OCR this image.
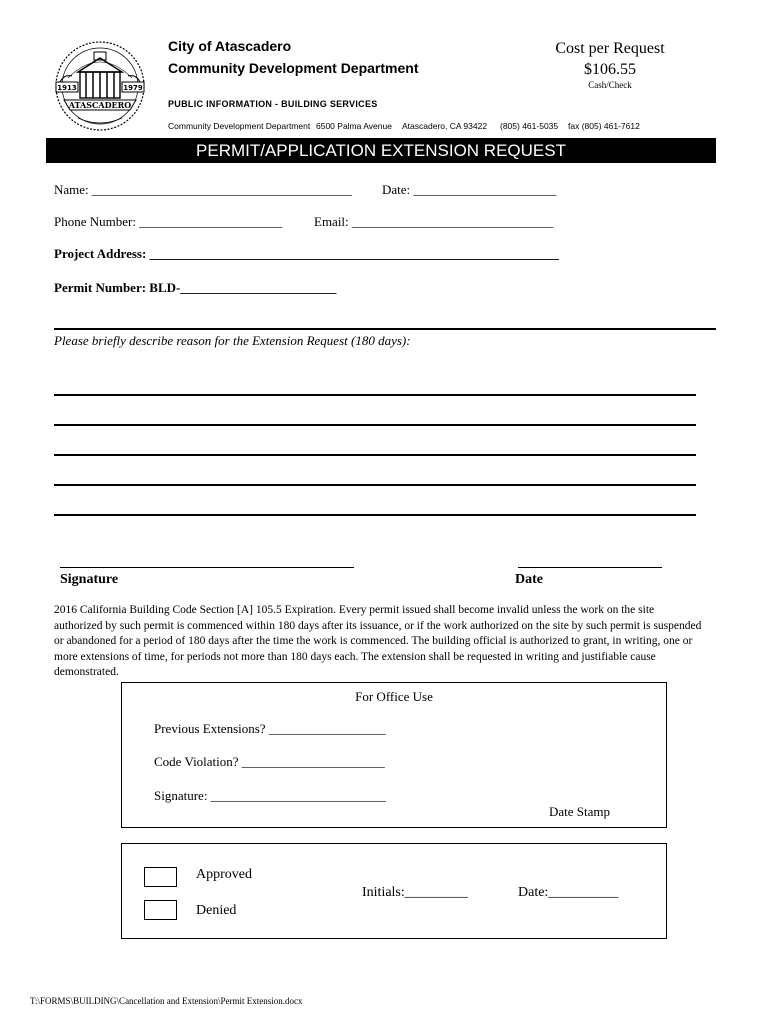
1913	1979
ATASCADERO
City of Atascadero
Community Development Department
PUBLIC INFORMATION - BUILDING SERVICES
Community Development Department 6500 Palma Avenue Atascadero, CA 93422 (805) 461-5035 fax (805) 461-7612
Cost per Request
$106.55
Cash/Check
PERMIT/APPLICATION EXTENSION REQUEST
Name: ________________________________________ Date: ______________________
Phone Number: ______________________ Email: _______________________________
Project Address: _______________________________________________________________
Permit Number: BLD-________________________
Please briefly describe reason for the Extension Request (180 days):
Signature	Date
2016 California Building Code Section [A] 105.5 Expiration. Every permit issued shall become invalid unless the work on the site authorized by such permit is commenced within 180 days after its issuance, or if the work authorized on the site by such permit is suspended or abandoned for a period of 180 days after the time the work is commenced. The building official is authorized to grant, in writing, one or more extensions of time, for periods not more than 180 days each. The extension shall be requested in writing and justifiable cause demonstrated.
For Office Use
Previous Extensions? __________________
Code Violation? ______________________
Signature: ___________________________
Date Stamp
Approved
Denied
Initials:_________	Date:__________
T:\FORMS\BUILDING\Cancellation and Extension\Permit Extension.docx
